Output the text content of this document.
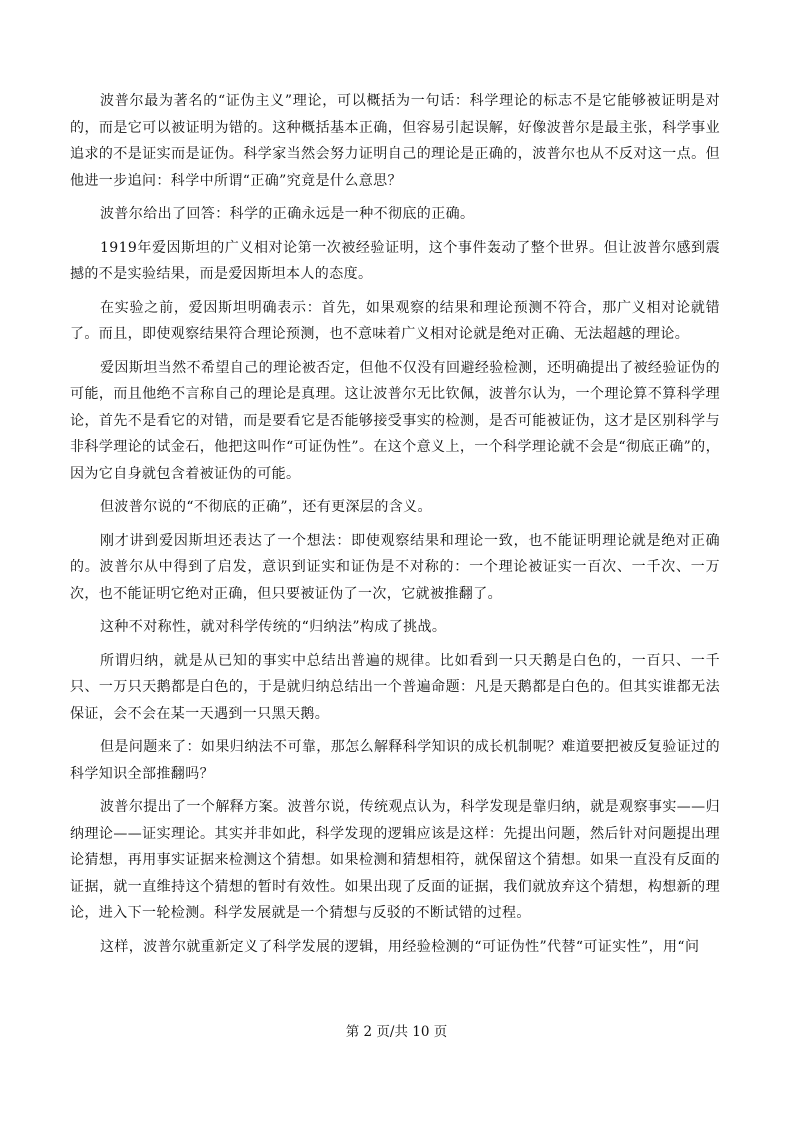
波普尔最为著名的“证伪主义”理论，可以概括为一句话：科学理论的标志不是它能够被证明是对的，而是它可以被证明为错的。这种概括基本正确，但容易引起误解，好像波普尔是最主张，科学事业追求的不是证实而是证伪。科学家当然会努力证明自己的理论是正确的，波普尔也从不反对这一点。但他进一步追问：科学中所谓“正确”究竟是什么意思？

波普尔给出了回答：科学的正确永远是一种不彻底的正确。

1919年爱因斯坦的广义相对论第一次被经验证明，这个事件轰动了整个世界。但让波普尔感到震撼的不是实验结果，而是爱因斯坦本人的态度。

在实验之前，爱因斯坦明确表示：首先，如果观察的结果和理论预测不符合，那广义相对论就错了。而且，即使观察结果符合理论预测，也不意味着广义相对论就是绝对正确、无法超越的理论。

爱因斯坦当然不希望自己的理论被否定，但他不仅没有回避经验检测，还明确提出了被经验证伪的可能，而且他绝不言称自己的理论是真理。这让波普尔无比钦佩，波普尔认为，一个理论算不算科学理论，首先不是看它的对错，而是要看它是否能够接受事实的检测，是否可能被证伪，这才是区别科学与非科学理论的试金石，他把这叫作“可证伪性”。在这个意义上，一个科学理论就不会是“彻底正确”的，因为它自身就包含着被证伪的可能。

但波普尔说的“不彻底的正确”，还有更深层的含义。

刚才讲到爱因斯坦还表达了一个想法：即使观察结果和理论一致，也不能证明理论就是绝对正确的。波普尔从中得到了启发，意识到证实和证伪是不对称的：一个理论被证实一百次、一千次、一万次，也不能证明它绝对正确，但只要被证伪了一次，它就被推翻了。

这种不对称性，就对科学传统的“归纳法”构成了挑战。

所谓归纳，就是从已知的事实中总结出普遍的规律。比如看到一只天鹅是白色的，一百只、一千只、一万只天鹅都是白色的，于是就归纳总结出一个普遍命题：凡是天鹅都是白色的。但其实谁都无法保证，会不会在某一天遇到一只黑天鹅。

但是问题来了：如果归纳法不可靠，那怎么解释科学知识的成长机制呢？难道要把被反复验证过的科学知识全部推翻吗？

波普尔提出了一个解释方案。波普尔说，传统观点认为，科学发现是靠归纳，就是观察事实——归纳理论——证实理论。其实并非如此，科学发现的逻辑应该是这样：先提出问题，然后针对问题提出理论猜想，再用事实证据来检测这个猜想。如果检测和猜想相符，就保留这个猜想。如果一直没有反面的证据，就一直维持这个猜想的暂时有效性。如果出现了反面的证据，我们就放弃这个猜想，构想新的理论，进入下一轮检测。科学发展就是一个猜想与反驳的不断试错的过程。

这样，波普尔就重新定义了科学发展的逻辑，用经验检测的“可证伪性”代替“可证实性”，用“问

第 2 页/共 10 页
